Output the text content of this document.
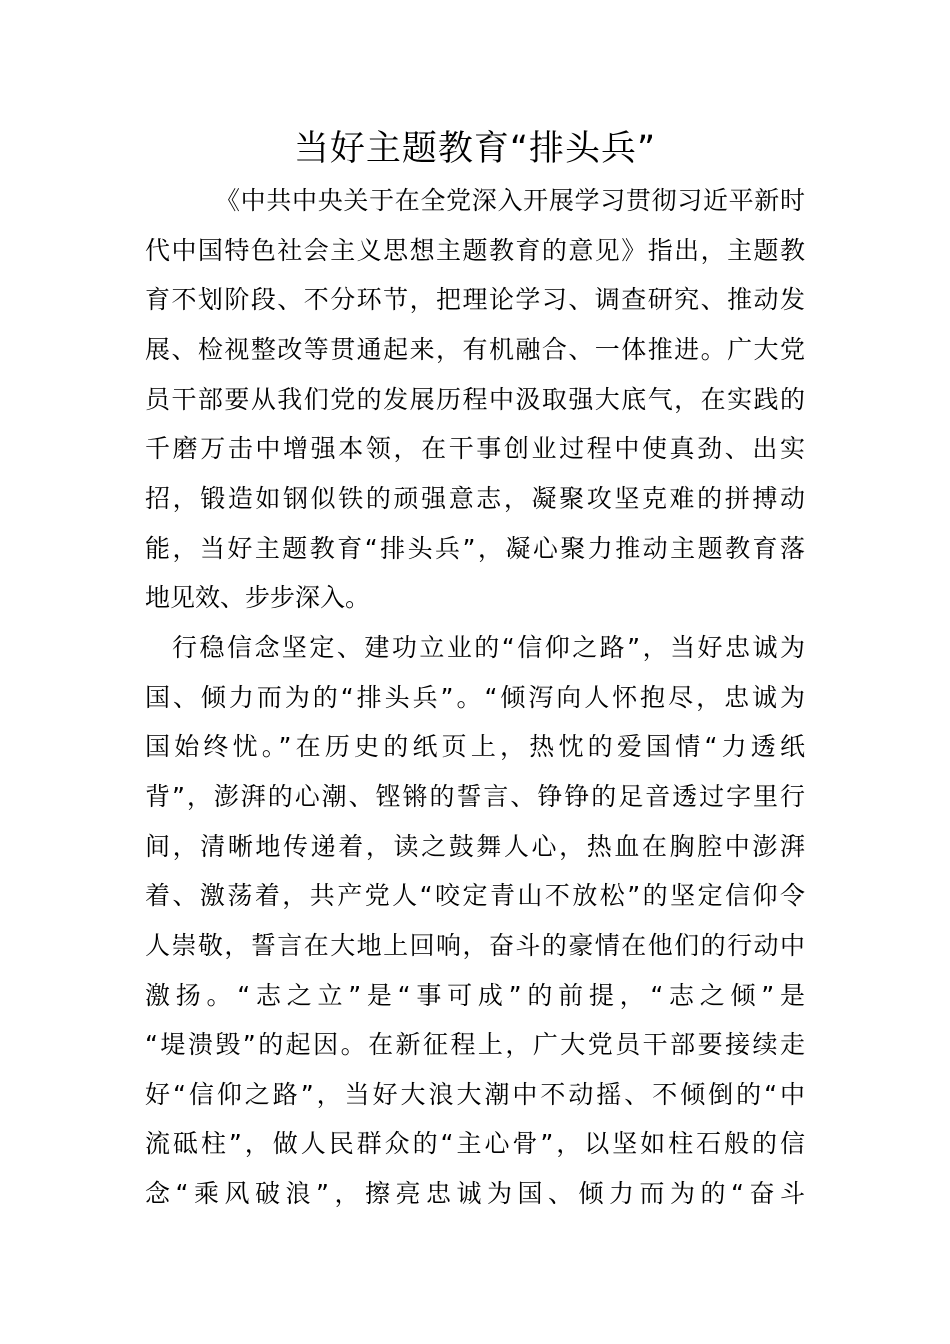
当好主题教育“排头兵”
《中共中央关于在全党深入开展学习贯彻习近平新时
代中国特色社会主义思想主题教育的意见》指出，主题教
育不划阶段、不分环节，把理论学习、调查研究、推动发
展、检视整改等贯通起来，有机融合、一体推进。广大党
员干部要从我们党的发展历程中汲取强大底气，在实践的
千磨万击中增强本领，在干事创业过程中使真劲、出实
招，锻造如钢似铁的顽强意志，凝聚攻坚克难的拼搏动
能，当好主题教育“排头兵”，凝心聚力推动主题教育落
地见效、步步深入。
行稳信念坚定、建功立业的“信仰之路”，当好忠诚为
国、倾力而为的“排头兵”。“倾泻向人怀抱尽，忠诚为
国始终忧。”在历史的纸页上，热忱的爱国情“力透纸
背”，澎湃的心潮、铿锵的誓言、铮铮的足音透过字里行
间，清晰地传递着，读之鼓舞人心，热血在胸腔中澎湃
着、激荡着，共产党人“咬定青山不放松”的坚定信仰令
人崇敬，誓言在大地上回响，奋斗的豪情在他们的行动中
激扬。“志之立”是“事可成”的前提，“志之倾”是
“堤溃毁”的起因。在新征程上，广大党员干部要接续走
好“信仰之路”，当好大浪大潮中不动摇、不倾倒的“中
流砥柱”，做人民群众的“主心骨”，以坚如柱石般的信
念“乘风破浪”，擦亮忠诚为国、倾力而为的“奋斗
